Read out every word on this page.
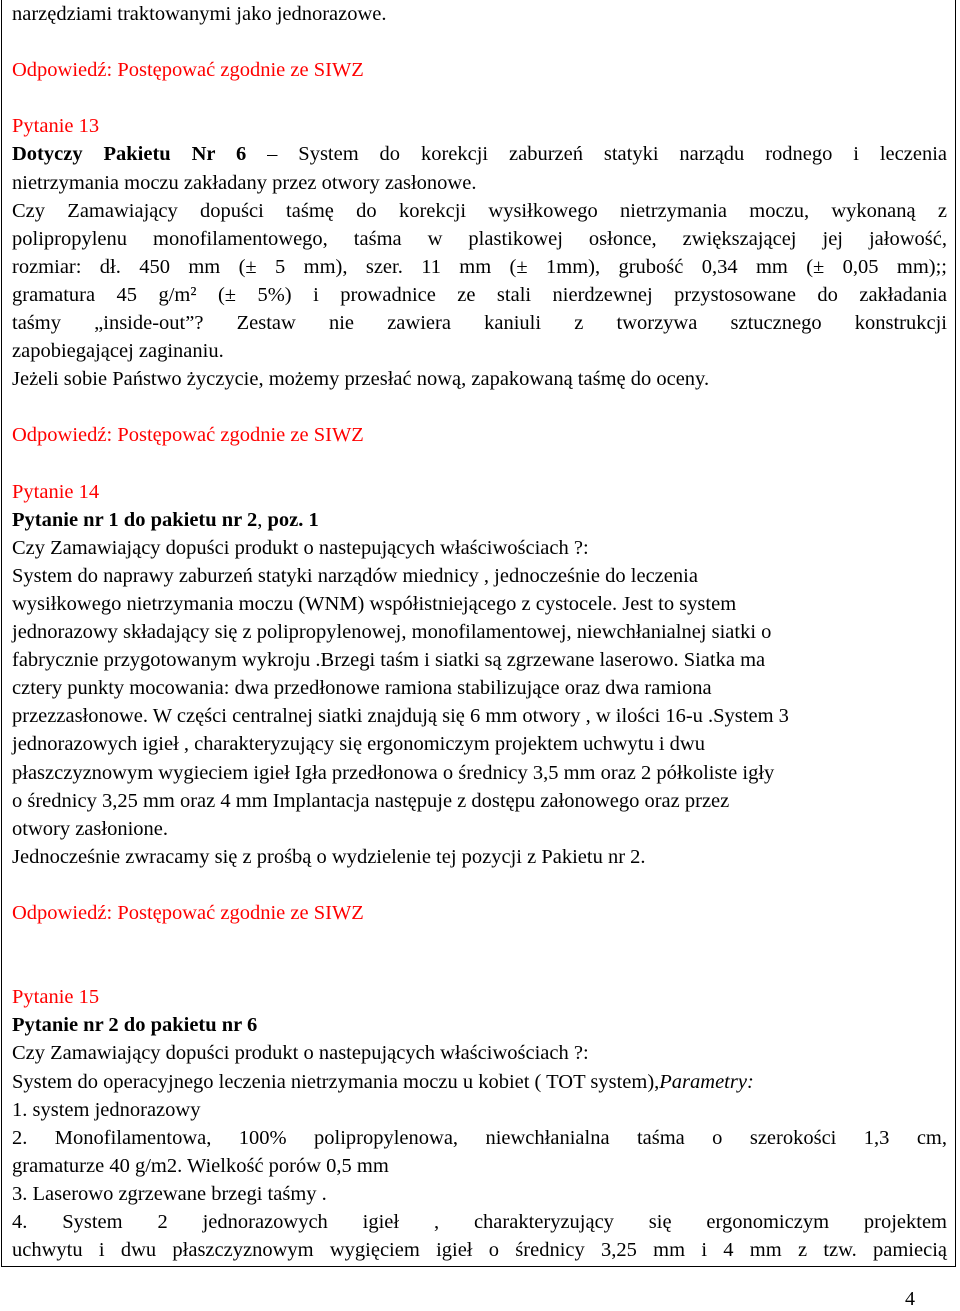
narzędziami traktowanymi jako jednorazowe.

Odpowiedź: Postępować zgodnie ze SIWZ

Pytanie 13

Dotyczy Pakietu Nr 6 – System do korekcji zaburzeń statyki narządu rodnego i leczenia

nietrzymania moczu zakładany przez otwory zasłonowe.

Czy Zamawiający dopuści taśmę do korekcji wysiłkowego nietrzymania moczu, wykonaną z

polipropylenu monofilamentowego, taśma w plastikowej osłonce, zwiększającej jej jałowość,

rozmiar: dł. 450 mm (± 5 mm), szer. 11 mm (± 1mm), grubość 0,34 mm (± 0,05 mm);;

gramatura 45 g/m² (± 5%) i prowadnice ze stali nierdzewnej przystosowane do zakładania

taśmy „inside-out”? Zestaw nie zawiera kaniuli z tworzywa sztucznego konstrukcji

zapobiegającej zaginaniu.

Jeżeli sobie Państwo życzycie, możemy przesłać nową, zapakowaną taśmę do oceny.

Odpowiedź: Postępować zgodnie ze SIWZ

Pytanie 14

Pytanie nr 1 do pakietu nr 2, poz. 1

Czy Zamawiający dopuści produkt o nastepujących właściwościach ?:

System do naprawy zaburzeń statyki narządów miednicy , jednocześnie do leczenia

wysiłkowego nietrzymania moczu (WNM) współistniejącego z cystocele. Jest to system

jednorazowy składający się z polipropylenowej, monofilamentowej, niewchłanialnej siatki o

fabrycznie przygotowanym wykroju .Brzegi taśm i siatki są zgrzewane laserowo. Siatka ma

cztery punkty mocowania: dwa przedłonowe ramiona stabilizujące oraz dwa ramiona

przezzasłonowe. W części centralnej siatki znajdują się 6 mm otwory , w ilości 16-u .System 3

jednorazowych igieł , charakteryzujący się ergonomiczym projektem uchwytu i dwu

płaszczyznowym wygieciem igieł Igła przedłonowa o średnicy 3,5 mm oraz 2 półkoliste igły

o średnicy 3,25 mm oraz 4 mm Implantacja następuje z dostępu załonowego oraz przez

otwory zasłonione.

Jednocześnie zwracamy się z prośbą o wydzielenie tej pozycji z Pakietu nr 2.

Odpowiedź: Postępować zgodnie ze SIWZ

Pytanie 15

Pytanie nr 2 do pakietu nr 6

Czy Zamawiający dopuści produkt o nastepujących właściwościach ?:

System do operacyjnego leczenia nietrzymania moczu u kobiet ( TOT system),Parametry:

1. system jednorazowy

2. Monofilamentowa, 100% polipropylenowa, niewchłanialna taśma o szerokości 1,3 cm,

gramaturze 40 g/m2. Wielkość porów 0,5 mm

3. Laserowo zgrzewane brzegi taśmy .

4. System 2 jednorazowych igieł , charakteryzujący się ergonomiczym projektem

uchwytu i dwu płaszczyznowym wygięciem igieł o średnicy 3,25 mm i 4 mm z tzw. pamiecią

4
